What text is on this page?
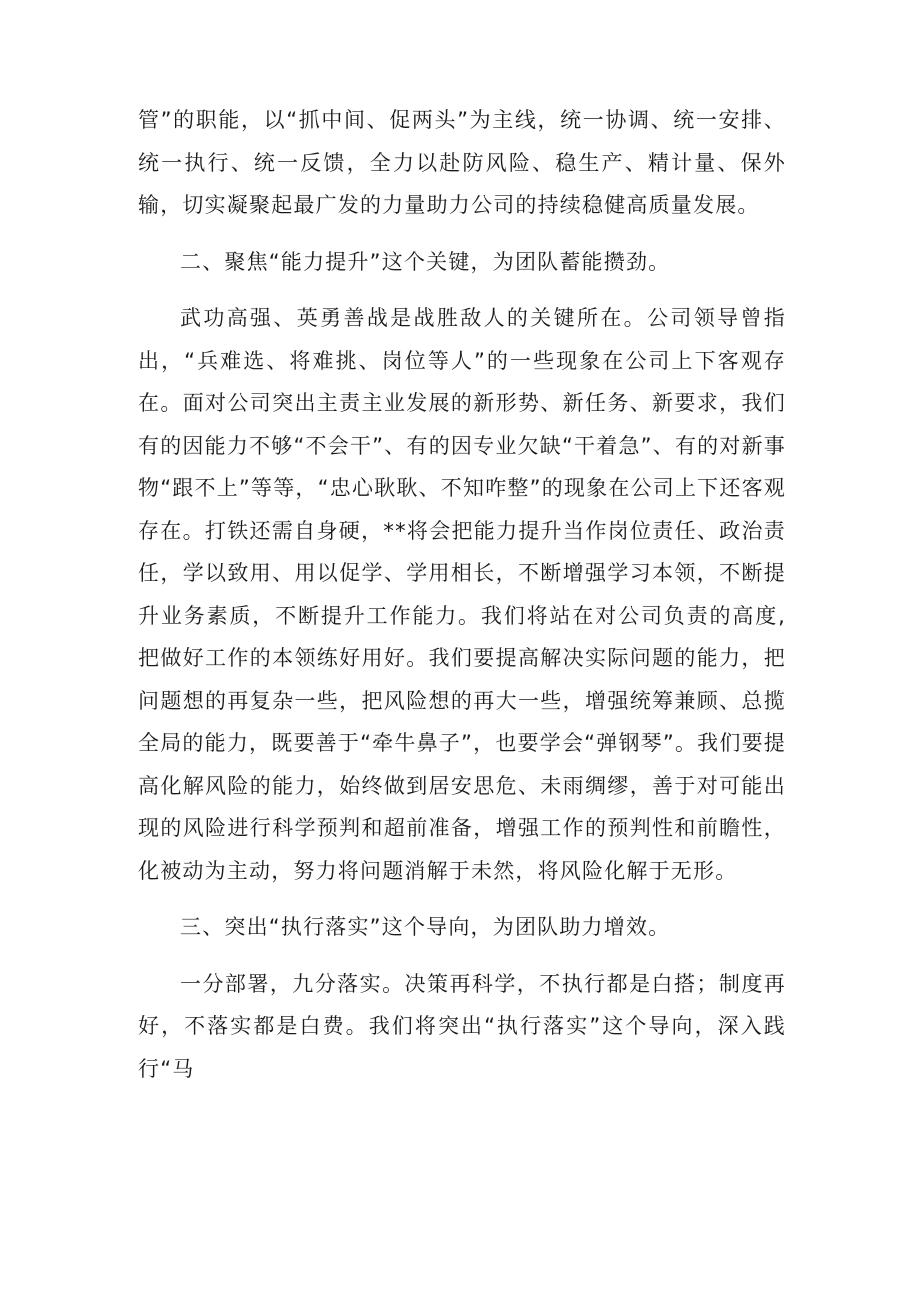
管”的职能，以“抓中间、促两头”为主线，统一协调、统一安排、统一执行、统一反馈，全力以赴防风险、稳生产、精计量、保外输，切实凝聚起最广发的力量助力公司的持续稳健高质量发展。

二、聚焦“能力提升”这个关键，为团队蓄能攒劲。

武功高强、英勇善战是战胜敌人的关键所在。公司领导曾指出，“兵难选、将难挑、岗位等人”的一些现象在公司上下客观存在。面对公司突出主责主业发展的新形势、新任务、新要求，我们有的因能力不够“不会干”、有的因专业欠缺“干着急”、有的对新事物“跟不上”等等，“忠心耿耿、不知咋整”的现象在公司上下还客观存在。打铁还需自身硬，**将会把能力提升当作岗位责任、政治责任，学以致用、用以促学、学用相长，不断增强学习本领，不断提升业务素质，不断提升工作能力。我们将站在对公司负责的高度,把做好工作的本领练好用好。我们要提高解决实际问题的能力，把问题想的再复杂一些，把风险想的再大一些，增强统筹兼顾、总揽全局的能力，既要善于“牵牛鼻子”，也要学会“弹钢琴”。我们要提高化解风险的能力，始终做到居安思危、未雨绸缪，善于对可能出现的风险进行科学预判和超前准备，增强工作的预判性和前瞻性，化被动为主动，努力将问题消解于未然，将风险化解于无形。

三、突出“执行落实”这个导向，为团队助力增效。

一分部署，九分落实。决策再科学，不执行都是白搭；制度再好，不落实都是白费。我们将突出“执行落实”这个导向，深入践行“马
